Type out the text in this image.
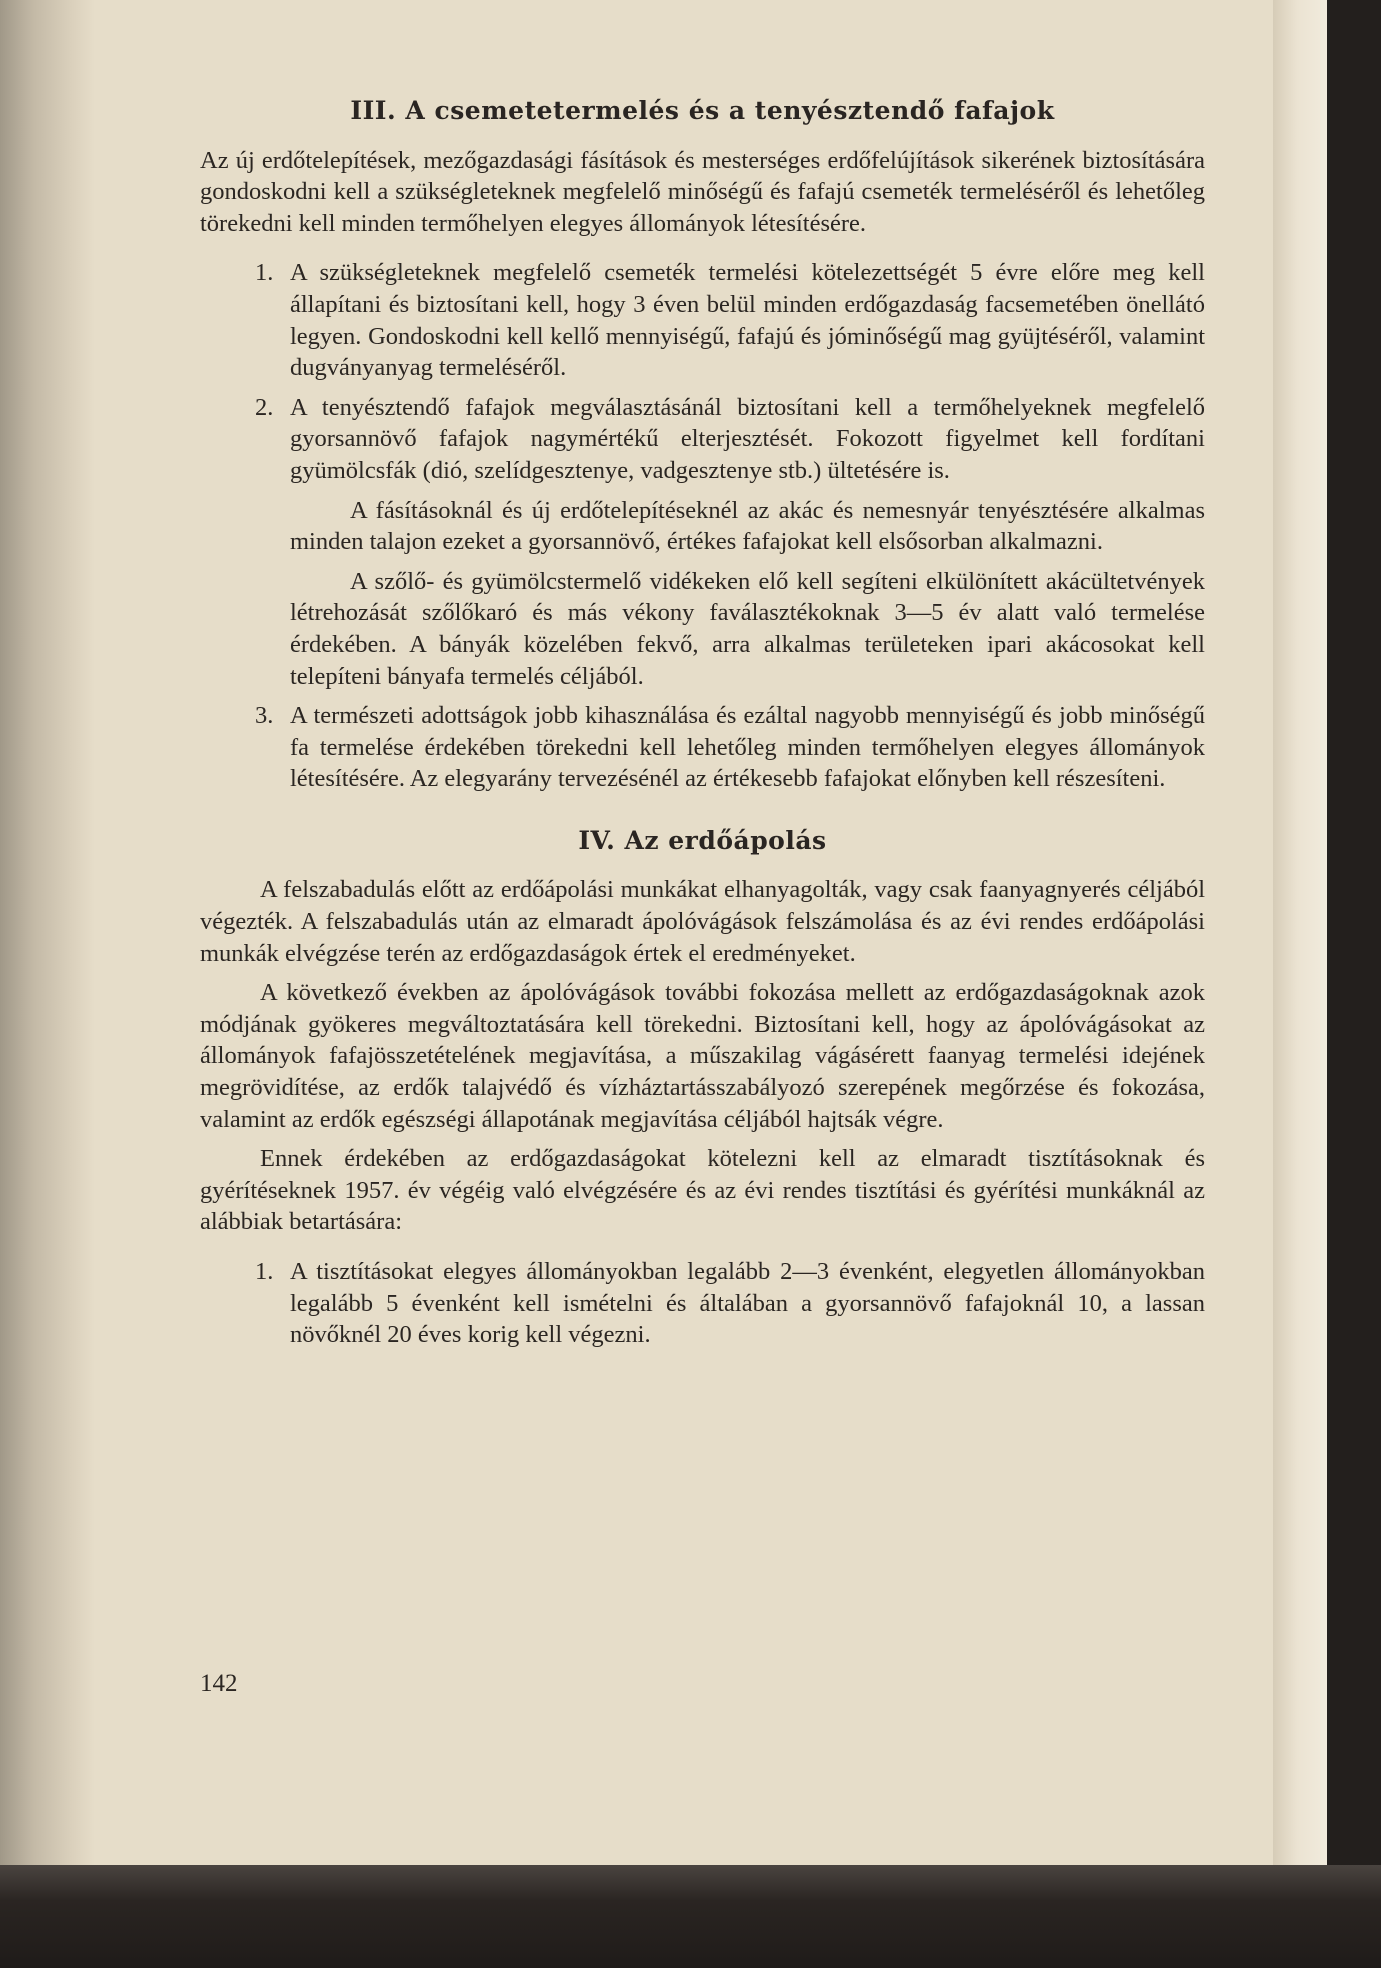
III. A csemetetermelés és a tenyésztendő fafajok

Az új erdőtelepítések, mezőgazdasági fásítások és mesterséges erdőfelújítások sikerének biztosítására gondoskodni kell a szükségleteknek megfelelő minőségű és fafajú csemeték termeléséről és lehetőleg törekedni kell minden termőhelyen elegyes állományok létesítésére.

1. A szükségleteknek megfelelő csemeték termelési kötelezettségét 5 évre előre meg kell állapítani és biztosítani kell, hogy 3 éven belül minden erdőgazdaság facsemetében önellátó legyen. Gondoskodni kell kellő mennyiségű, fafajú és jóminőségű mag gyüjtéséről, valamint dugványanyag termeléséről.
2. A tenyésztendő fafajok megválasztásánál biztosítani kell a termőhelyeknek megfelelő gyorsannövő fafajok nagymértékű elterjesztését. Fokozott figyelmet kell fordítani gyümölcsfák (dió, szelídgesztenye, vadgesztenye stb.) ültetésére is.

A fásításoknál és új erdőtelepítéseknél az akác és nemesnyár tenyésztésére alkalmas minden talajon ezeket a gyorsannövő, értékes fafajokat kell elsősorban alkalmazni.

A szőlő- és gyümölcstermelő vidékeken elő kell segíteni elkülönített akácültetvények létrehozását szőlőkaró és más vékony faválasztékoknak 3—5 év alatt való termelése érdekében. A bányák közelében fekvő, arra alkalmas területeken ipari akácosokat kell telepíteni bányafa termelés céljából.

3. A természeti adottságok jobb kihasználása és ezáltal nagyobb mennyiségű és jobb minőségű fa termelése érdekében törekedni kell lehetőleg minden termőhelyen elegyes állományok létesítésére. Az elegyarány tervezésénél az értékesebb fafajokat előnyben kell részesíteni.
IV. Az erdőápolás

A felszabadulás előtt az erdőápolási munkákat elhanyagolták, vagy csak faanyagnyerés céljából végezték. A felszabadulás után az elmaradt ápolóvágások felszámolása és az évi rendes erdőápolási munkák elvégzése terén az erdőgazdaságok értek el eredményeket.

A következő években az ápolóvágások további fokozása mellett az erdőgazdaságoknak azok módjának gyökeres megváltoztatására kell törekedni. Biztosítani kell, hogy az ápolóvágásokat az állományok fafajösszetételének megjavítása, a műszakilag vágásérett faanyag termelési idejének megrövidítése, az erdők talajvédő és vízháztartásszabályozó szerepének megőrzése és fokozása, valamint az erdők egészségi állapotának megjavítása céljából hajtsák végre.

Ennek érdekében az erdőgazdaságokat kötelezni kell az elmaradt tisztításoknak és gyérítéseknek 1957. év végéig való elvégzésére és az évi rendes tisztítási és gyérítési munkáknál az alábbiak betartására:

1. A tisztításokat elegyes állományokban legalább 2—3 évenként, elegyetlen állományokban legalább 5 évenként kell ismételni és általában a gyorsannövő fafajoknál 10, a lassan növőknél 20 éves korig kell végezni.
142
